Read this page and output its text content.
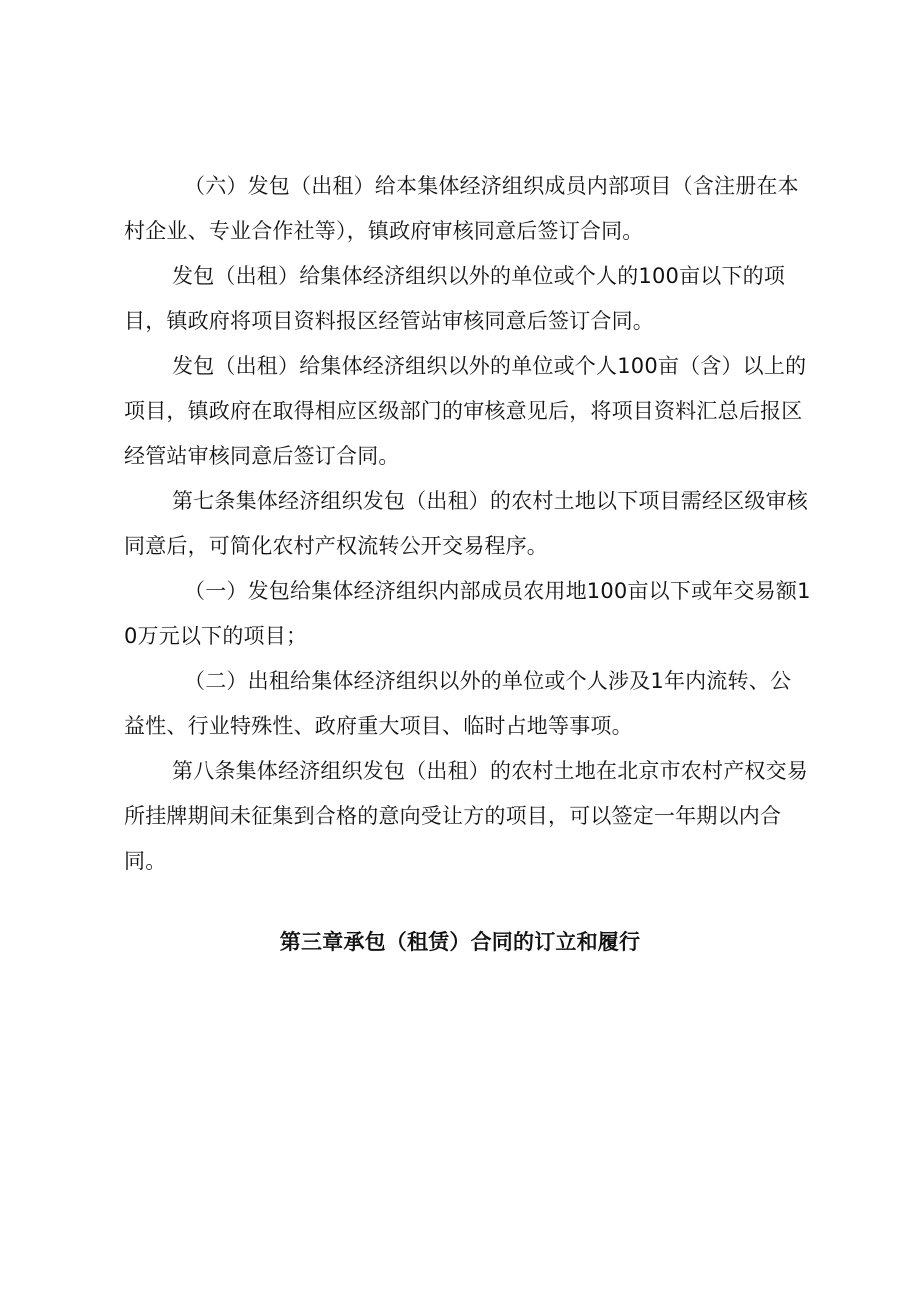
（六）发包（出租）给本集体经济组织成员内部项目（含注册在本村企业、专业合作社等），镇政府审核同意后签订合同。

发包（出租）给集体经济组织以外的单位或个人的100亩以下的项目，镇政府将项目资料报区经管站审核同意后签订合同。

发包（出租）给集体经济组织以外的单位或个人100亩（含）以上的项目，镇政府在取得相应区级部门的审核意见后，将项目资料汇总后报区经管站审核同意后签订合同。

第七条集体经济组织发包（出租）的农村土地以下项目需经区级审核同意后，可简化农村产权流转公开交易程序。

（一）发包给集体经济组织内部成员农用地100亩以下或年交易额10万元以下的项目；

（二）出租给集体经济组织以外的单位或个人涉及1年内流转、公益性、行业特殊性、政府重大项目、临时占地等事项。

第八条集体经济组织发包（出租）的农村土地在北京市农村产权交易所挂牌期间未征集到合格的意向受让方的项目，可以签定一年期以内合同。

第三章承包（租赁）合同的订立和履行
